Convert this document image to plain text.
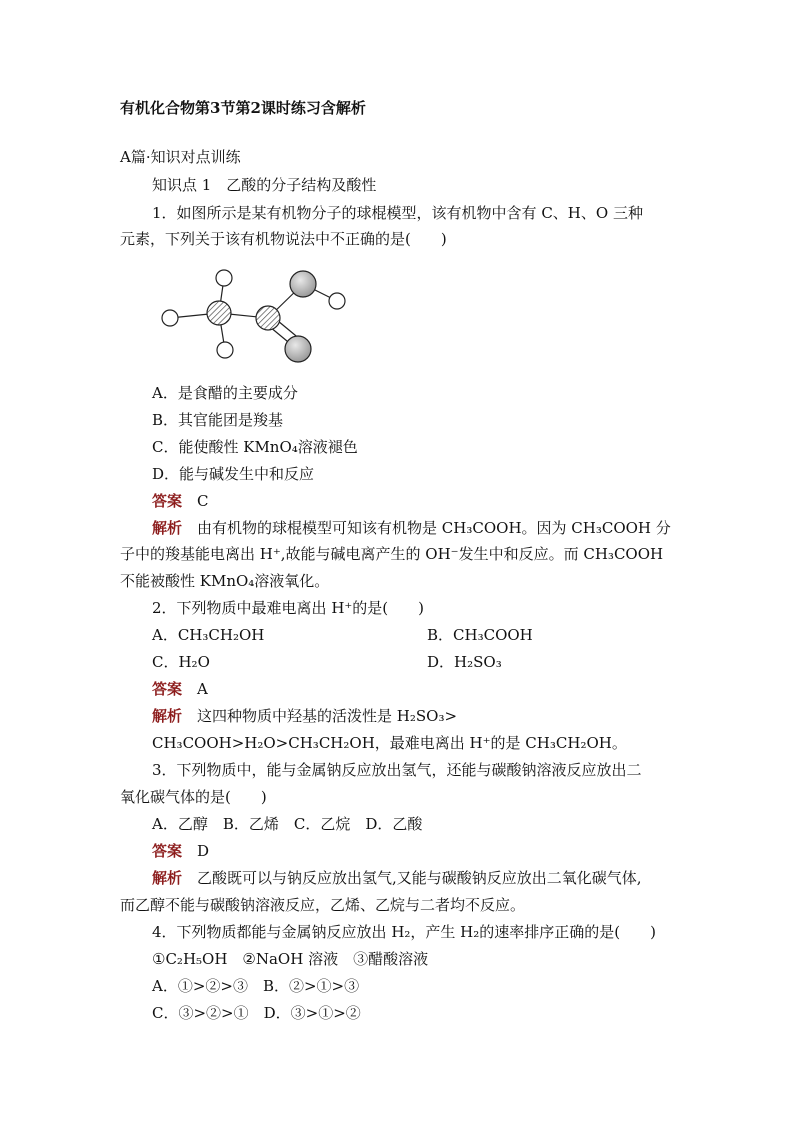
有机化合物第3节第2课时练习含解析
A篇·知识对点训练
知识点 1　乙酸的分子结构及酸性
1．如图所示是某有机物分子的球棍模型，该有机物中含有 C、H、O 三种
元素，下列关于该有机物说法中不正确的是(　　)
A．是食醋的主要成分
B．其官能团是羧基
C．能使酸性 KMnO₄溶液褪色
D．能与碱发生中和反应
答案　 C
解析　 由有机物的球棍模型可知该有机物是 CH₃COOH。因为 CH₃COOH 分
子中的羧基能电离出 H⁺,故能与碱电离产生的 OH⁻发生中和反应。而 CH₃COOH
不能被酸性 KMnO₄溶液氧化。
2．下列物质中最难电离出 H⁺的是(　　)
A．CH₃CH₂OH	B．CH₃COOH
C．H₂O	D．H₂SO₃
答案　 A
解析　 这四种物质中羟基的活泼性是 H₂SO₃>
CH₃COOH>H₂O>CH₃CH₂OH，最难电离出 H⁺的是 CH₃CH₂OH。
3．下列物质中，能与金属钠反应放出氢气，还能与碳酸钠溶液反应放出二
氧化碳气体的是(　　)
A．乙醇　B．乙烯　C．乙烷　D．乙酸
答案　 D
解析　 乙酸既可以与钠反应放出氢气,又能与碳酸钠反应放出二氧化碳气体,
而乙醇不能与碳酸钠溶液反应，乙烯、乙烷与二者均不反应。
4．下列物质都能与金属钠反应放出 H₂，产生 H₂的速率排序正确的是(　　)
①C₂H₅OH　②NaOH 溶液　③醋酸溶液
A．①>②>③　B．②>①>③
C．③>②>①　D．③>①>②
